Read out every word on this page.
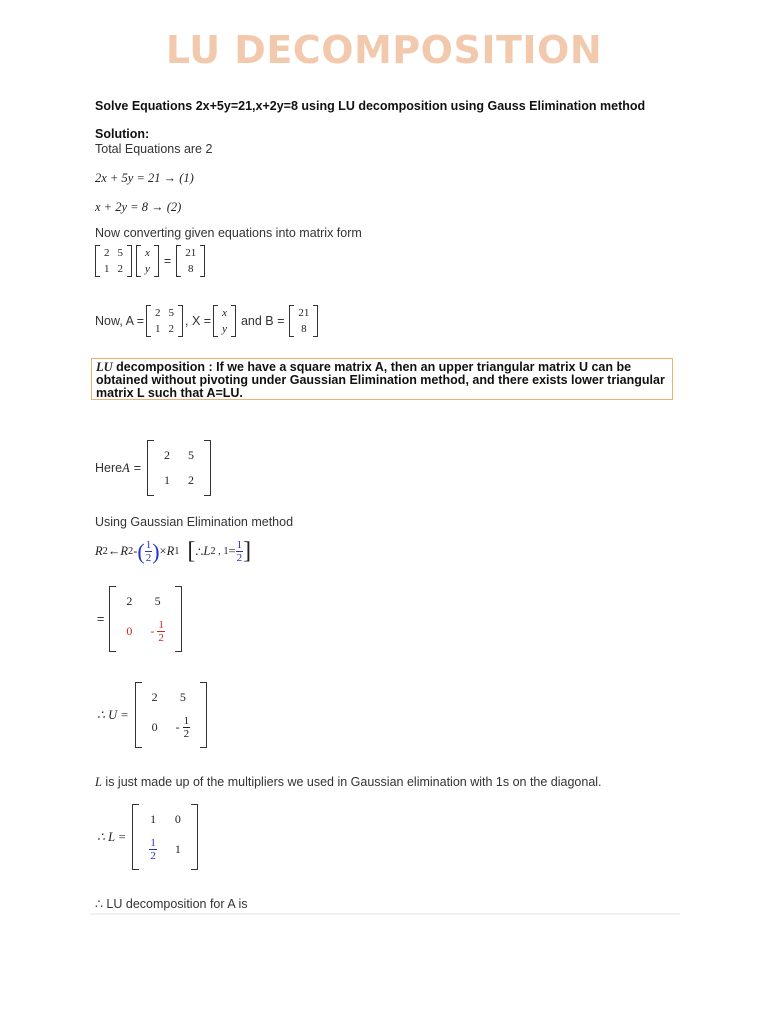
LU DECOMPOSITION
Solve Equations 2x+5y=21,x+2y=8 using LU decomposition using Gauss Elimination method
Solution:
Total Equations are 2
2x + 5y = 21 → (1)
x + 2y = 8 → (2)
Now converting given equations into matrix form
2 5
1 2
x
y
=
21
8
Now, A =
2 5
1 2
, X =
x
y
and B =
21
8
LU decomposition : If we have a square matrix A, then an upper triangular matrix U can be obtained without pivoting under Gaussian Elimination method, and there exists lower triangular matrix L such that A=LU.
Here A =
2 5
1 2
Using Gaussian Elimination method
R 2 ← R 2 - ( $\frac{1}{2}$ ) × R 1 [ ∴ L 2 , $1 = \frac{1}{2}$ ]
=
2 5
0 -
$\frac{1}{2}$
∴ U =
2 5
0 -
$\frac{1}{2}$
L is just made up of the multipliers we used in Gaussian elimination with 1s on the diagonal.
∴ L =
1 0
$\frac{1}{2} 1$
∴ LU decomposition for A is
